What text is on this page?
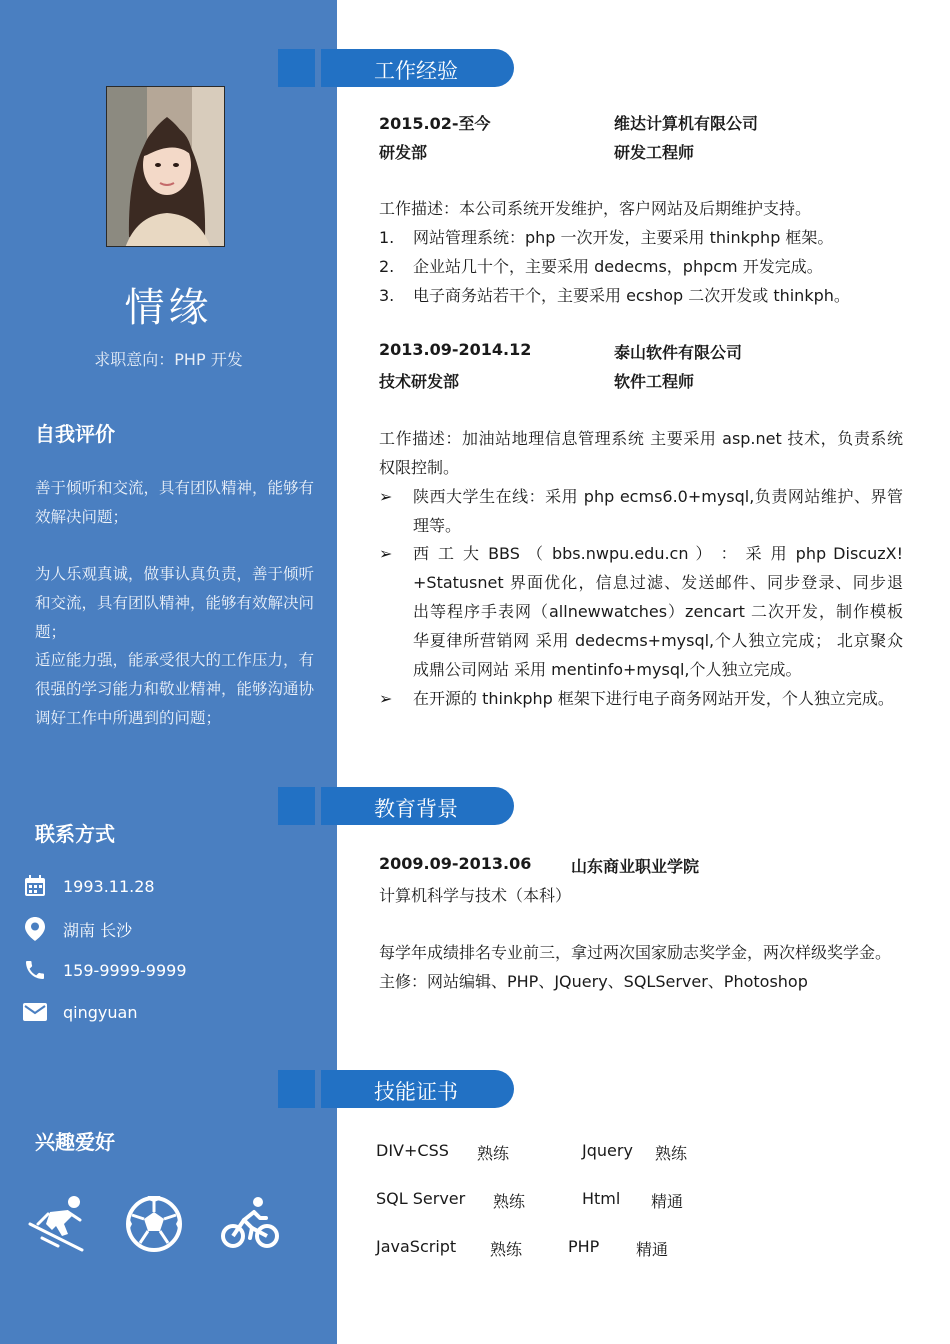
情缘
求职意向：PHP 开发
自我评价
善于倾听和交流，具有团队精神，能够有效解决问题；
为人乐观真诚，做事认真负责，善于倾听和交流，具有团队精神，能够有效解决问题；
适应能力强，能承受很大的工作压力，有很强的学习能力和敬业精神，能够沟通协调好工作中所遇到的问题；
联系方式
1993.11.28
湖南 长沙
159-9999-9999
qingyuan
兴趣爱好
工作经验
2015.02-至今	维达计算机有限公司
研发部	研发工程师
工作描述：本公司系统开发维护，客户网站及后期维护支持。
1. 网站管理系统：php 一次开发，主要采用 thinkphp 框架。
2. 企业站几十个，主要采用 dedecms，phpcm 开发完成。
3. 电子商务站若干个，主要采用 ecshop 二次开发或 thinkph。
2013.09-2014.12	泰山软件有限公司
技术研发部	软件工程师
工作描述：加油站地理信息管理系统 主要采用 asp.net 技术，负责系统
权限控制。
➢ 陕西大学生在线：采用 php ecms6.0+mysql,负责网站维护、界管
理等。
➢ 西 工 大 BBS （ bbs.nwpu.edu.cn ） ： 采 用 php DiscuzX!
+Statusnet 界面优化，信息过滤、发送邮件、同步登录、同步退
出等程序手表网（allnewwatches）zencart 二次开发，制作模板
华夏律所营销网 采用 dedecms+mysql,个人独立完成； 北京聚众
成鼎公司网站 采用 mentinfo+mysql,个人独立完成。
➢ 在开源的 thinkphp 框架下进行电子商务网站开发，个人独立完成。
教育背景
2009.09-2013.06 山东商业职业学院
计算机科学与技术（本科）
每学年成绩排名专业前三，拿过两次国家励志奖学金，两次样级奖学金。
主修：网站编辑、PHP、JQuery、SQLServer、Photoshop
技能证书
DIV+CSS 熟练	Jquery 熟练
SQL Server 熟练	Html 精通
JavaScript 熟练	PHP 精通
